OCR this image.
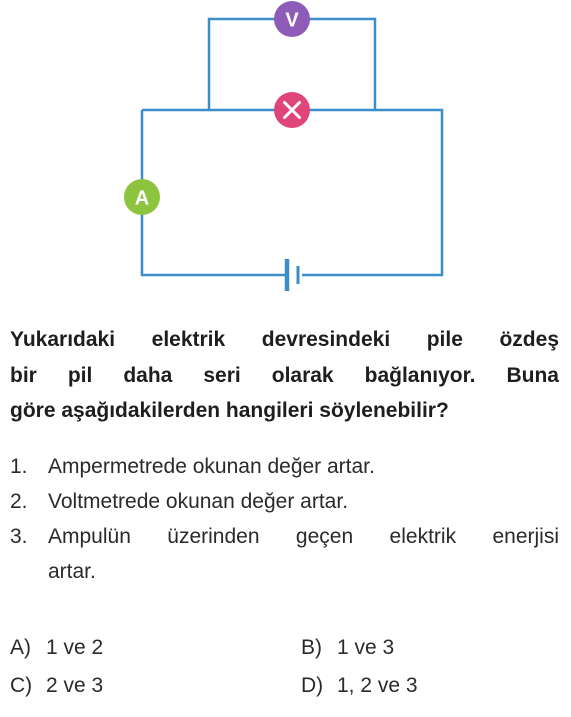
V
A
Yukarıdaki elektrik devresindeki pile özdeş
bir pil daha seri olarak bağlanıyor. Buna
göre aşağıdakilerden hangileri söylenebilir?
1. Ampermetrede okunan değer artar.
2. Voltmetrede okunan değer artar.
3. Ampulün üzerinden geçen elektrik enerjisi
artar.
A) 1 ve 2	B) 1 ve 3
C) 2 ve 3	D) 1, 2 ve 3
